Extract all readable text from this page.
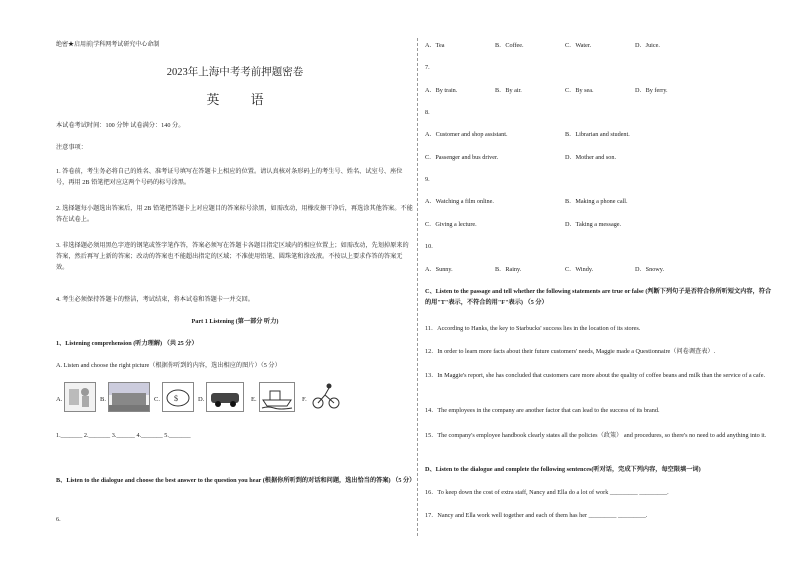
绝密★启用前|学科网考试研究中心命制
2023年上海中考考前押题密卷
英 语
本试卷考试时间：100 分钟 试卷满分：140 分。
注意事项：
1. 答卷前，考生务必将自己的姓名、准考证号填写在答题卡上相应的位置。请认真核对条形码上的考生号、姓名、试室号、座位号，再用 2B 铅笔把对应这两个号码的标号涂黑。
2. 选择题每小题选出答案后，用 2B 铅笔把答题卡上对应题目的答案标号涂黑，如需改动，用橡皮擦干净后，再选涂其他答案。不能答在试卷上。
3. 非选择题必须用黑色字迹的钢笔或签字笔作答，答案必须写在答题卡各题目指定区域内的相应位置上；如需改动，先划掉原来的答案，然后再写上新的答案；改动的答案也不能超出指定的区域；不准使用铅笔、圆珠笔和涂改液。不按以上要求作答的答案无效。
4. 考生必须保持答题卡的整洁，考试结束，将本试卷和答题卡一并交回。
Part 1 Listening (第一部分 听力)
1、Listening comprehension (听力理解) （共 25 分）
A. Listen and choose the right picture（根据你听到的内容，选出相应的图片）（5 分）
A.	B.	C. $	D.	E.	F.
1._______ 2._______ 3.______ 4._______ 5._______
B、Listen to the dialogue and choose the best answer to the question you hear (根据你所听到的对话和问题，选出恰当的答案) （5 分）
6.
A．Tea	B．Coffee.	C．Water.	D．Juice.
7.
A．By train.	B．By air.	C．By sea.	D．By ferry.
8.
A．Customer and shop assistant.	B．Librarian and student.
C．Passenger and bus driver.	D．Mother and son.
9.
A．Watching a film online.	B．Making a phone call.
C．Giving a lecture.	D．Taking a message.
10.
A．Sunny.	B．Rainy.	C．Windy.	D．Snowy.
C、Listen to the passage and tell whether the following statements are true or false (判断下列句子是否符合你所听短文内容，符合的用"T"表示，不符合的用"F"表示) （5 分）
11．According to Hanks, the key to Starbucks' success lies in the location of its stores.
12．In order to learn more facts about their future customers' needs, Maggie made a Questionnaire（问卷调查表）.
13．In Maggie's report, she has concluded that customers care more about the quality of coffee beans and milk than the service of a cafe.
14．The employees in the company are another factor that can lead to the success of its brand.
15．The company's employee handbook clearly states all the policies（政策） and procedures, so there's no need to add anything into it.
D、Listen to the dialogue and complete the following sentences(听对话，完成下列内容，每空限填一词)
16．To keep down the cost of extra staff, Nancy and Ella do a lot of work _________ _________.
17．Nancy and Ella work well together and each of them has her _________ _________.
